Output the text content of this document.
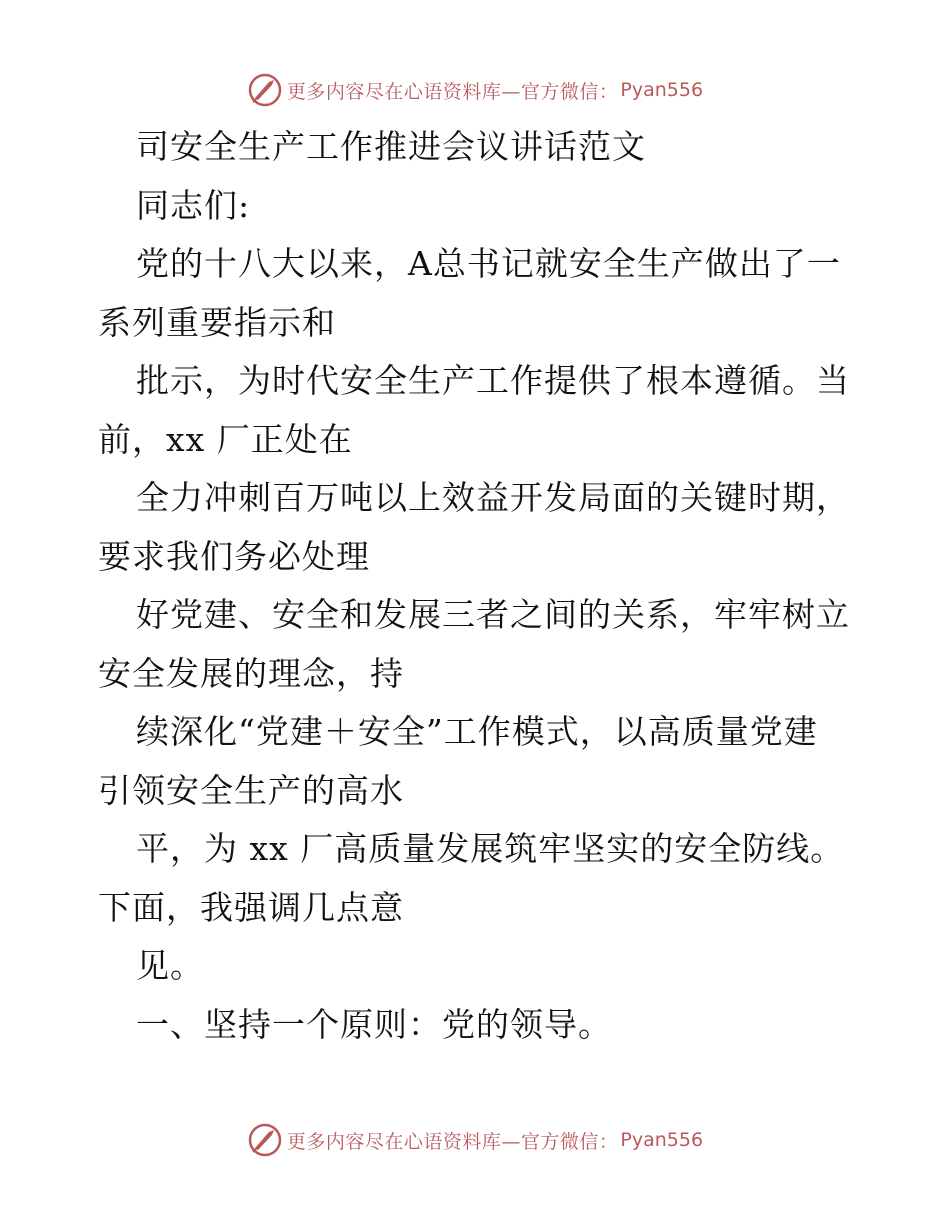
更多内容尽在心语资料库—官方微信： Pyan556
司安全生产工作推进会议讲话范文
同志们:
党的十八大以来，A总书记就安全生产做出了一
系列重要指示和
批示，为时代安全生产工作提供了根本遵循。当
前，xx 厂正处在
全力冲刺百万吨以上效益开发局面的关键时期，
要求我们务必处理
好党建、安全和发展三者之间的关系，牢牢树立
安全发展的理念，持
续深化“党建＋安全”工作模式，以高质量党建
引领安全生产的高水
平，为 xx 厂高质量发展筑牢坚实的安全防线。
下面，我强调几点意
见。
一、坚持一个原则：党的领导。
更多内容尽在心语资料库—官方微信： Pyan556
